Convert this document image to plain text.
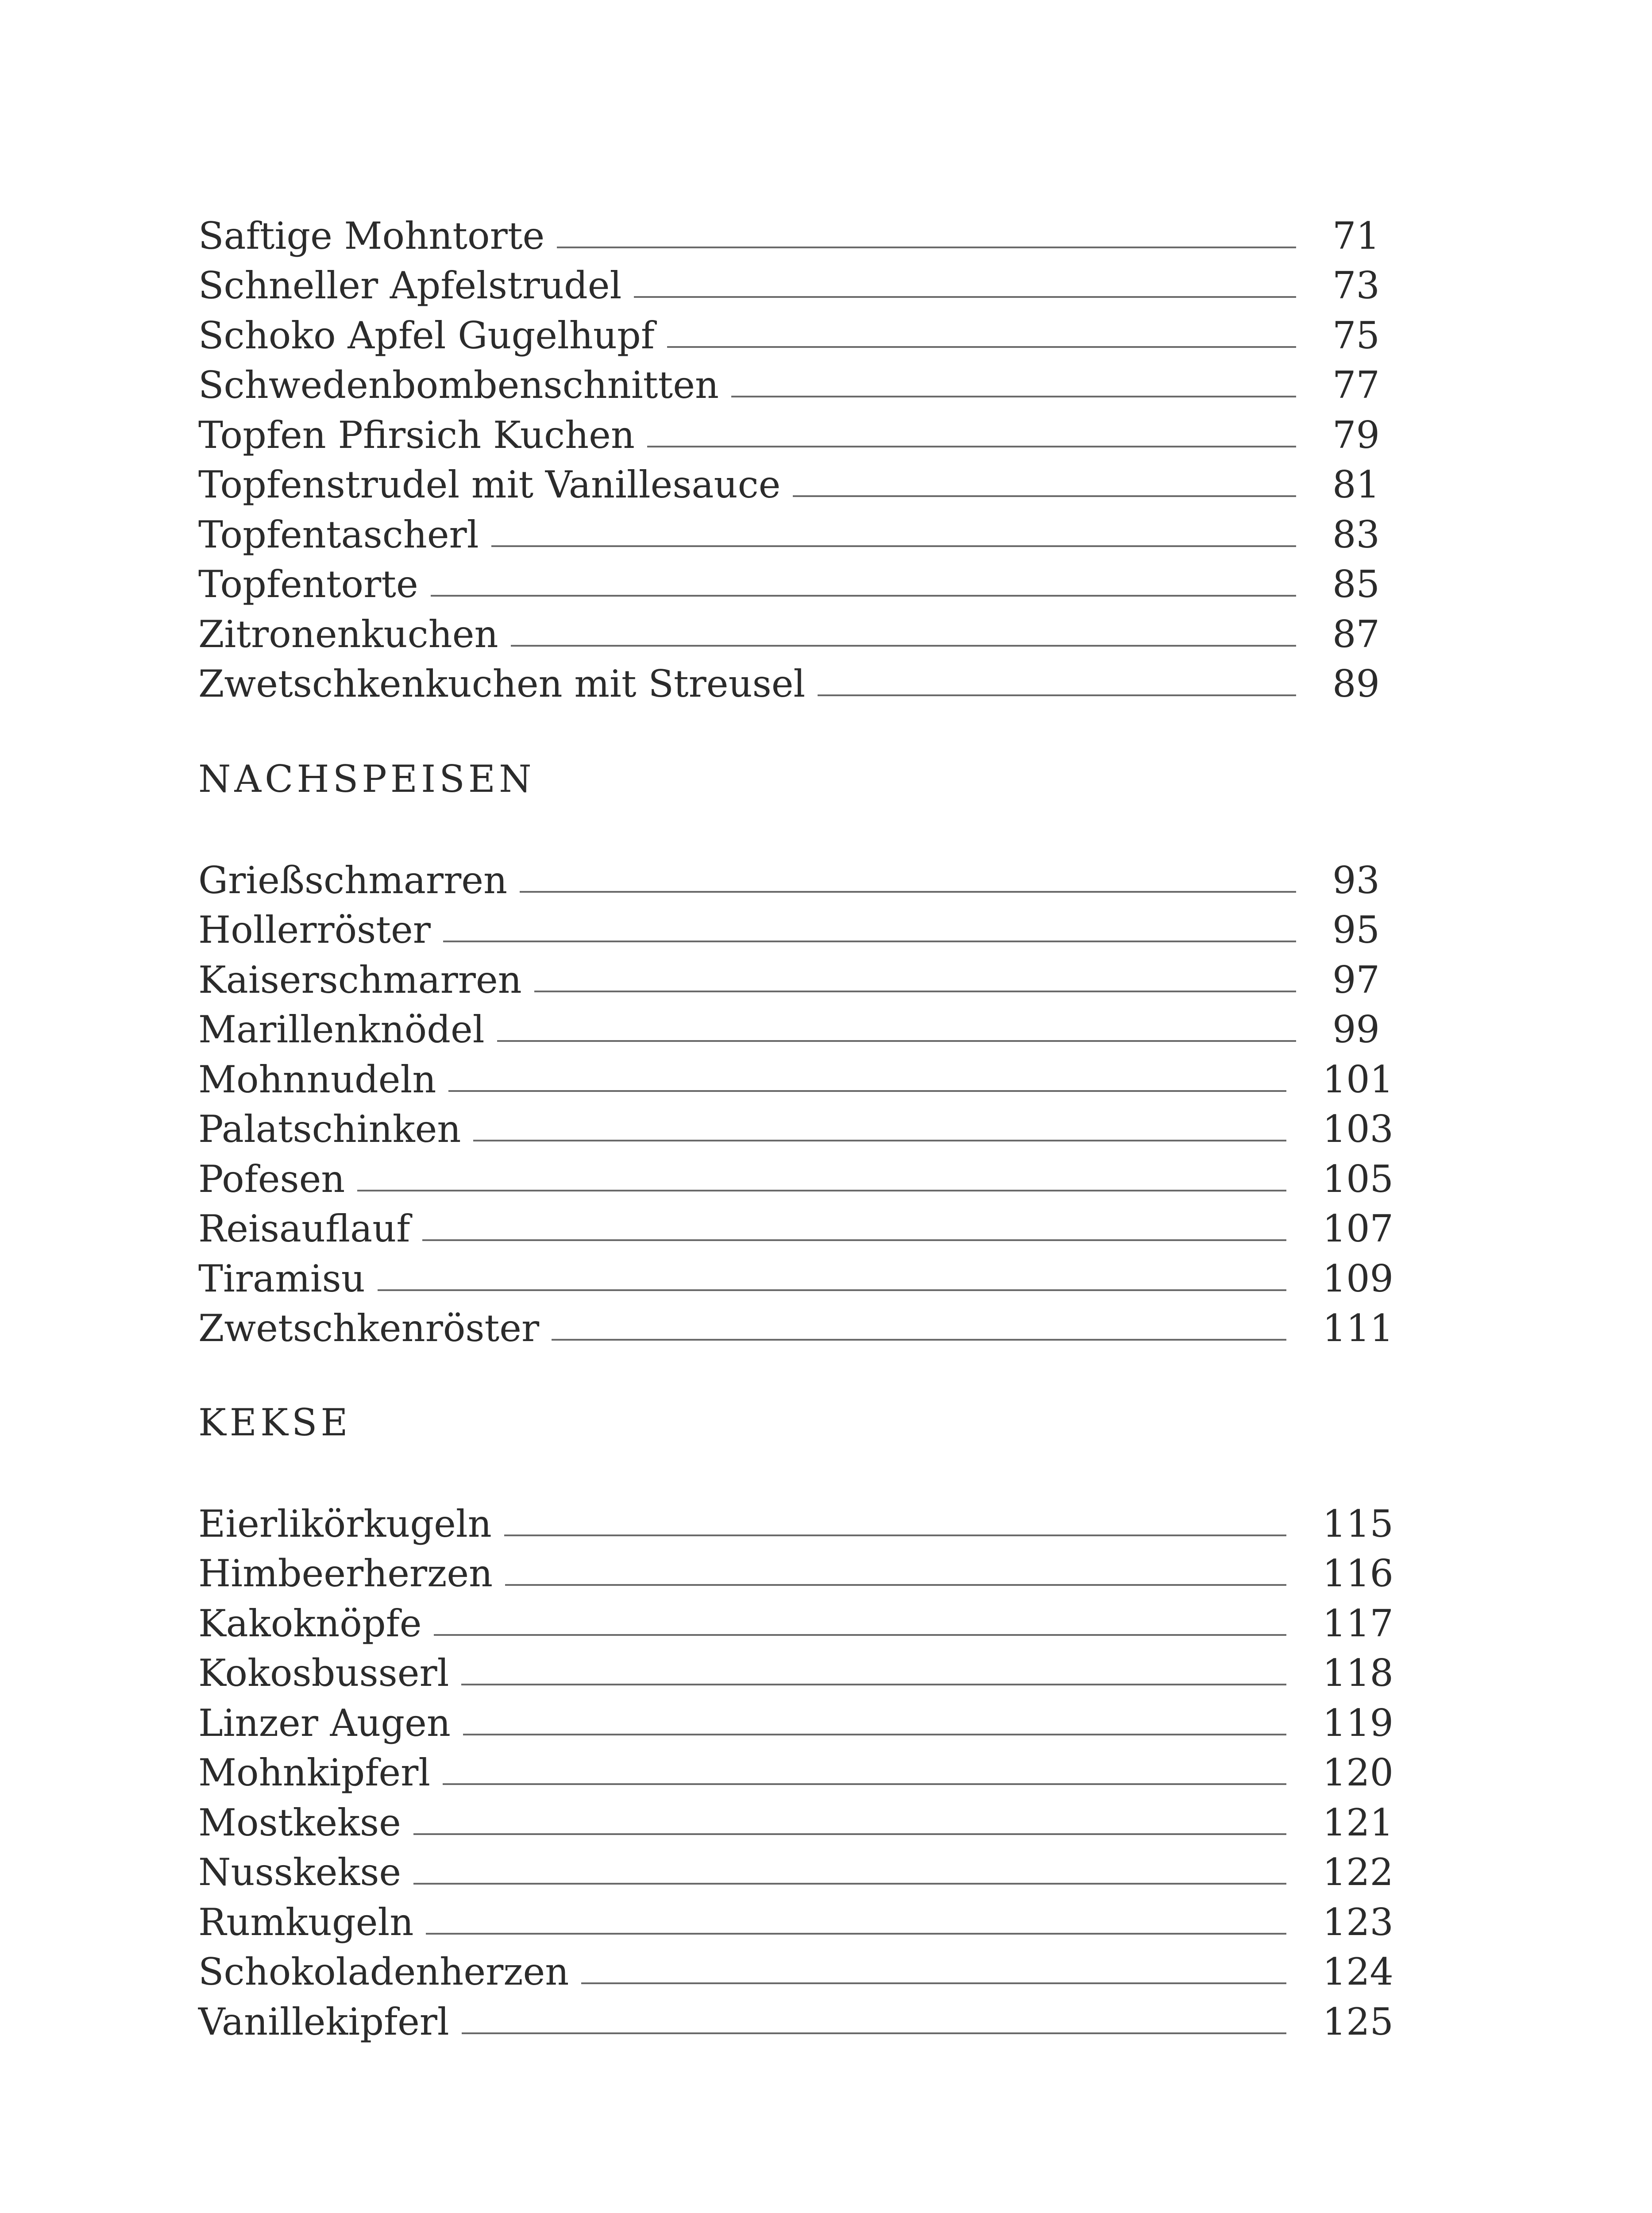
Saftige Mohntorte	71
Schneller Apfelstrudel	73
Schoko Apfel Gugelhupf	75
Schwedenbombenschnitten	77
Topfen Pfirsich Kuchen	79
Topfenstrudel mit Vanillesauce	81
Topfentascherl	83
Topfentorte	85
Zitronenkuchen	87
Zwetschkenkuchen mit Streusel	89
NACHSPEISEN
Grießschmarren	93
Hollerröster	95
Kaiserschmarren	97
Marillenknödel	99
Mohnnudeln	101
Palatschinken	103
Pofesen	105
Reisauflauf	107
Tiramisu	109
Zwetschkenröster	111
KEKSE
Eierlikörkugeln	115
Himbeerherzen	116
Kakoknöpfe	117
Kokosbusserl	118
Linzer Augen	119
Mohnkipferl	120
Mostkekse	121
Nusskekse	122
Rumkugeln	123
Schokoladenherzen	124
Vanillekipferl	125
